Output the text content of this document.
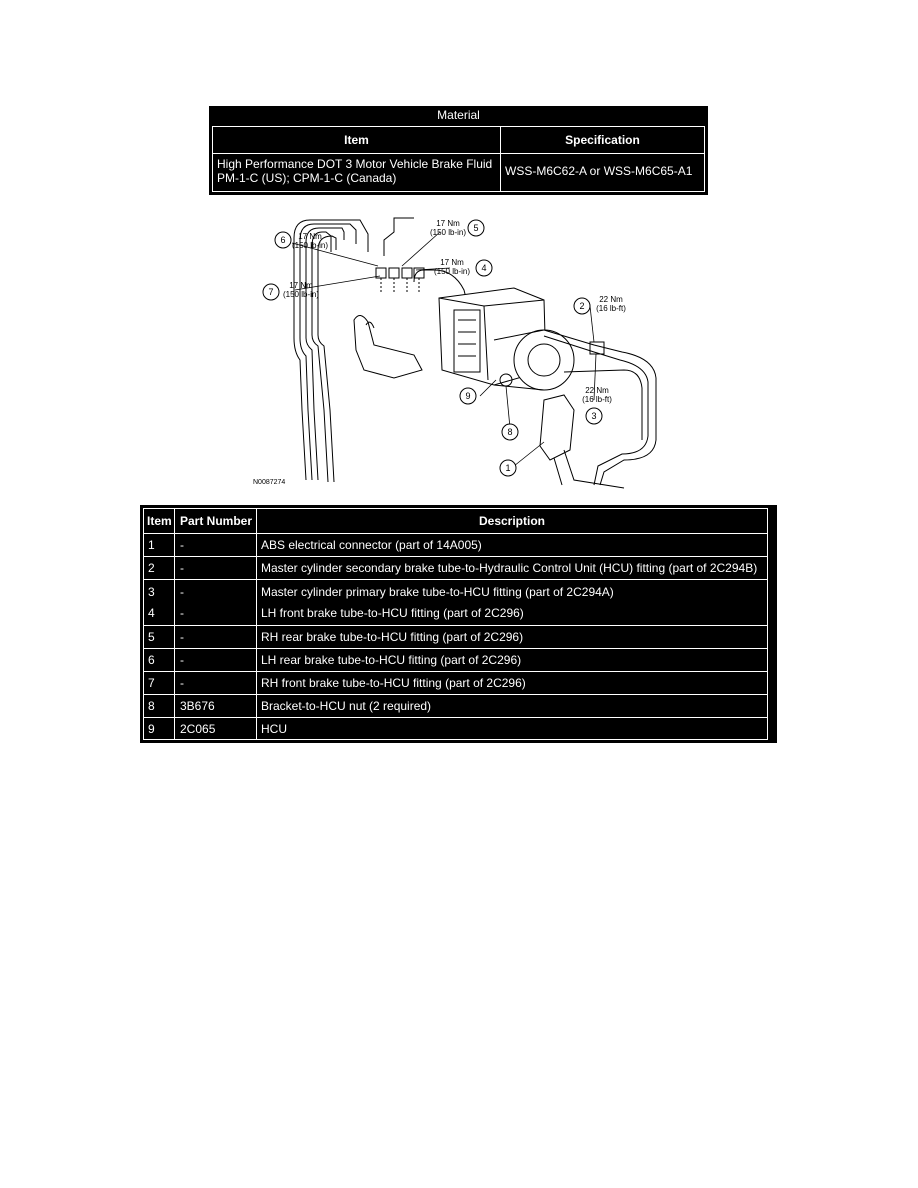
Material
Item	Specification
High Performance DOT 3 Motor Vehicle Brake Fluid
PM-1-C (US); CPM-1-C (Canada)	WSS-M6C62-A or WSS-M6C65-A1
1
2
3
4
5
6
7
8
9
22 Nm
(16 lb-ft)
22 Nm
(16 lb-ft)
17 Nm
(150 lb-in)
17 Nm
(150 lb-in)
17 Nm
(150 lb-in)
17 Nm
(150 lb-in)
N0087274
Item Part Number	Description
1 -	ABS electrical connector (part of 14A005)
2 -	Master cylinder secondary brake tube-to-Hydraulic Control Unit (HCU) fitting (part of 2C294B)
3 -	Master cylinder primary brake tube-to-HCU fitting (part of 2C294A)
4 -	LH front brake tube-to-HCU fitting (part of 2C296)
5 -	RH rear brake tube-to-HCU fitting (part of 2C296)
6 -	LH rear brake tube-to-HCU fitting (part of 2C296)
7 -	RH front brake tube-to-HCU fitting (part of 2C296)
8 3B676	Bracket-to-HCU nut (2 required)
9 2C065	HCU
